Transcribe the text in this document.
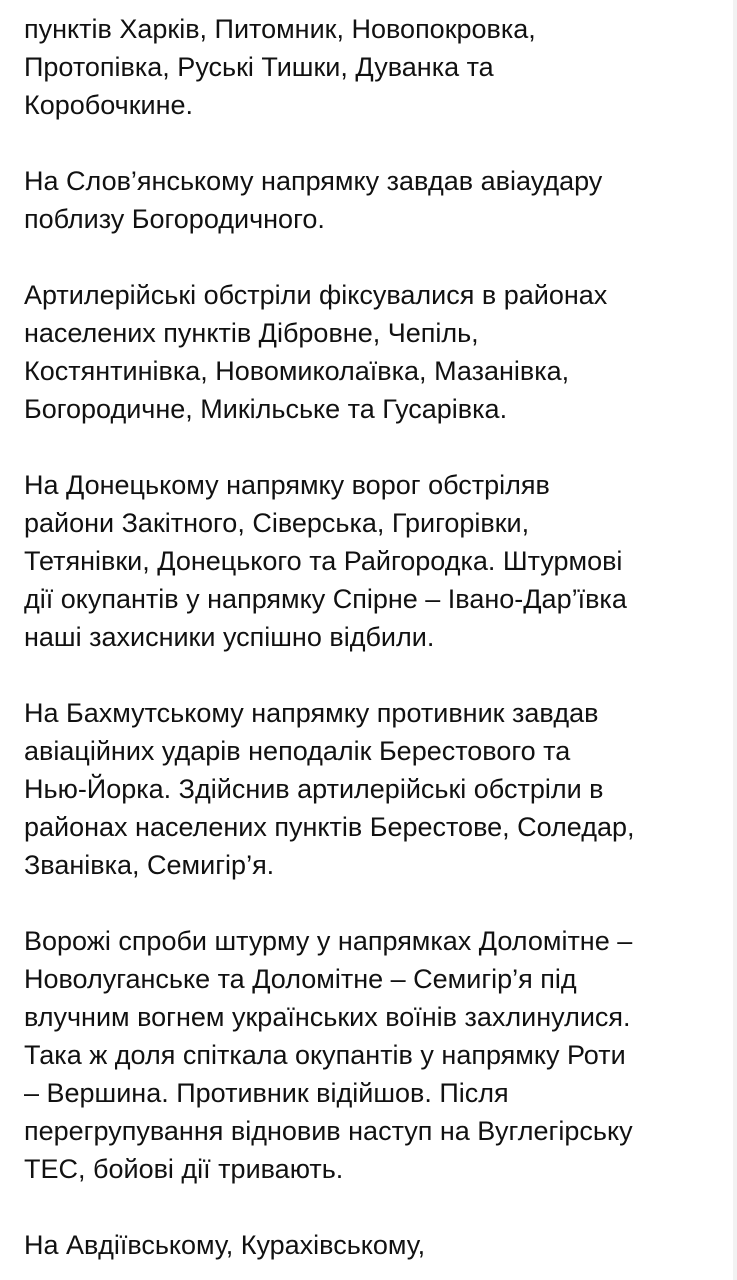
пунктів Харків, Питомник, Новопокровка,
Протопівка, Руські Тишки, Дуванка та
Коробочкине.

На Слов’янському напрямку завдав авіаудару
поблизу Богородичного.

Артилерійські обстріли фіксувалися в районах
населених пунктів Дібровне, Чепіль,
Костянтинівка, Новомиколаївка, Мазанівка,
Богородичне, Микільське та Гусарівка.

На Донецькому напрямку ворог обстріляв
райони Закітного, Сіверська, Григорівки,
Тетянівки, Донецького та Райгородка. Штурмові
дії окупантів у напрямку Спірне – Івано-Дар’ївка
наші захисники успішно відбили.

На Бахмутському напрямку противник завдав
авіаційних ударів неподалік Берестового та
Нью-Йорка. Здійснив артилерійські обстріли в
районах населених пунктів Берестове, Соледар,
Званівка, Семигір’я.

Ворожі спроби штурму у напрямках Доломітне –
Новолуганське та Доломітне – Семигір’я під
влучним вогнем українських воїнів захлинулися.
Така ж доля спіткала окупантів у напрямку Роти
– Вершина. Противник відійшов. Після
перегрупування відновив наступ на Вуглегірську
ТЕС, бойові дії тривають.

На Авдіївському, Курахівському,
